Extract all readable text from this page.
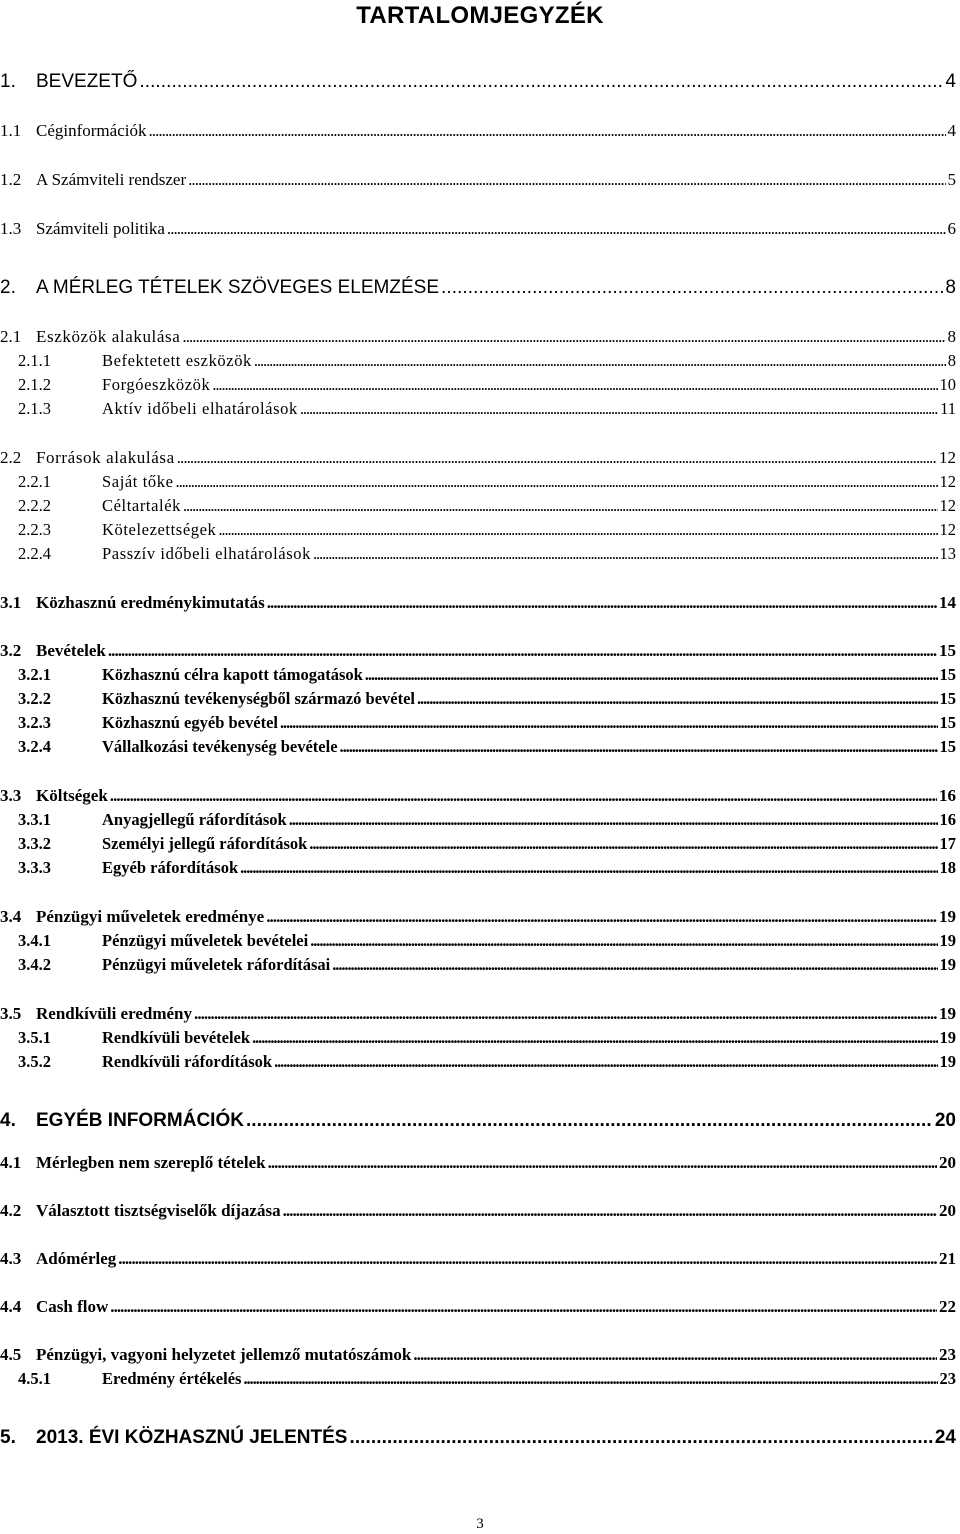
TARTALOMJEGYZÉK
1.	BEVEZETŐ . . .	4
1.1 Céginformációk . . .	4
1.2 A Számviteli rendszer . . .	5
1.3 Számviteli politika . . .	6
2.	A MÉRLEG TÉTELEK SZÖVEGES ELEMZÉSE . . .	8
2.1 Eszközök alakulása . . .	8
2.1.1	Befektetett eszközök . . .	8
2.1.2	Forgóeszközök . . .	10
2.1.3	Aktív időbeli elhatárolások . . .	11
2.2 Források alakulása . . .	12
2.2.1	Saját tőke . . .	12
2.2.2	Céltartalék . . .	12
2.2.3	Kötelezettségek . . .	12
2.2.4	Passzív időbeli elhatárolások . . .	13
3.1 Közhasznú eredménykimutatás . . .	14
3.2 Bevételek . . .	15
3.2.1	Közhasznú célra kapott támogatások . . .	15
3.2.2	Közhasznú tevékenységből származó bevétel . . .	15
3.2.3	Közhasznú egyéb bevétel . . .	15
3.2.4	Vállalkozási tevékenység bevétele . . .	15
3.3 Költségek . . .	16
3.3.1	Anyagjellegű ráfordítások . . .	16
3.3.2	Személyi jellegű ráfordítások . . .	17
3.3.3	Egyéb ráfordítások . . .	18
3.4 Pénzügyi műveletek eredménye . . .	19
3.4.1	Pénzügyi műveletek bevételei . . .	19
3.4.2	Pénzügyi műveletek ráfordításai . . .	19
3.5 Rendkívüli eredmény . . .	19
3.5.1	Rendkívüli bevételek . . .	19
3.5.2	Rendkívüli ráfordítások . . .	19
4.	EGYÉB INFORMÁCIÓK . . .	20
4.1 Mérlegben nem szereplő tételek . . .	20
4.2 Választott tisztségviselők díjazása . . .	20
4.3 Adómérleg . . .	21
4.4 Cash flow . . .	22
4.5 Pénzügyi, vagyoni helyzetet jellemző mutatószámok . . .	23
4.5.1	Eredmény értékelés . . .	23
5.	2013. ÉVI KÖZHASZNÚ JELENTÉS . . .	24
3
